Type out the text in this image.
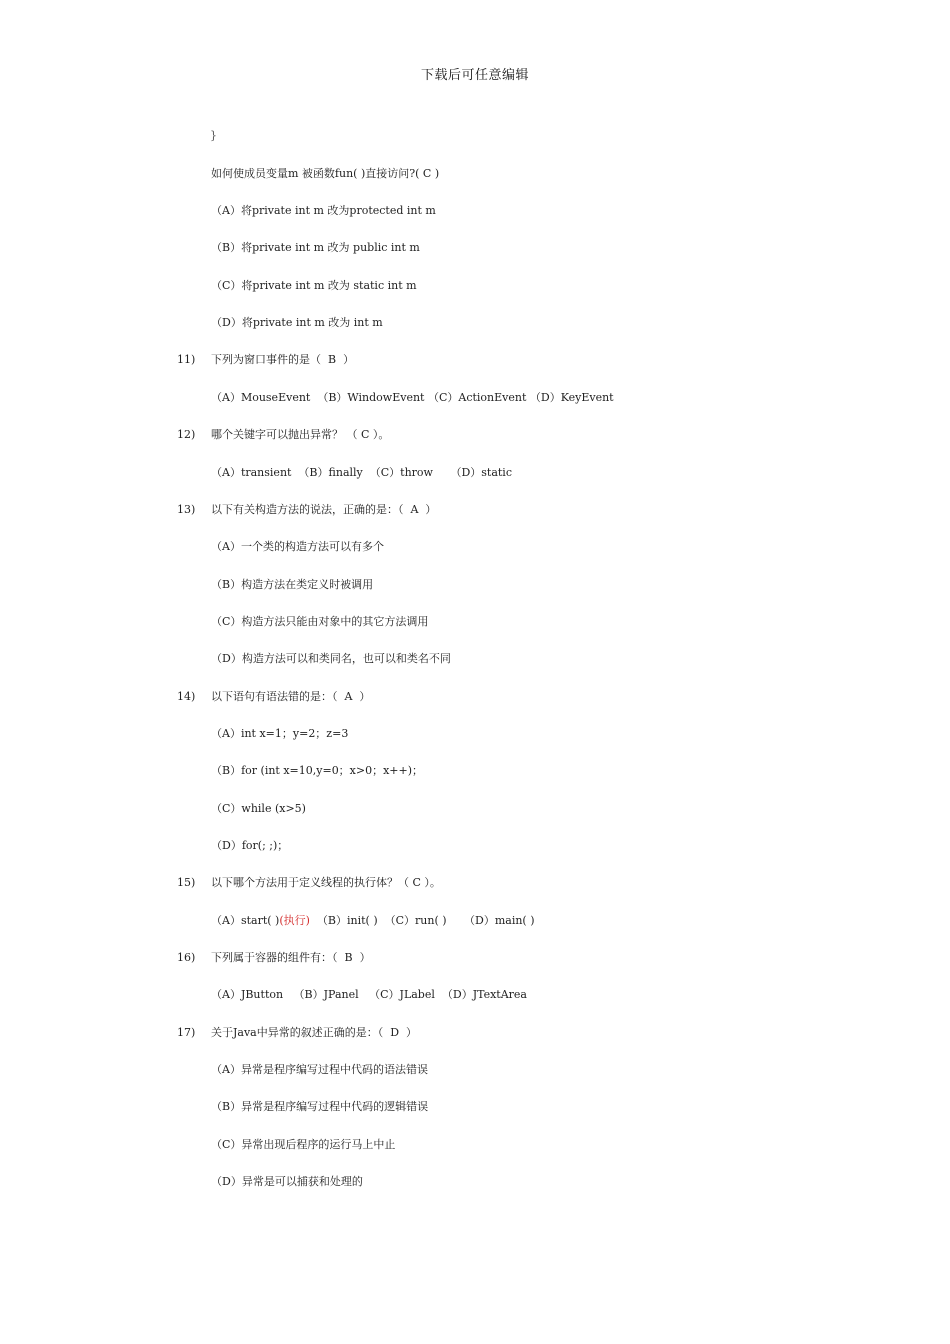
下载后可任意编辑
}
如何使成员变量m 被函数fun( )直接访问?( C )
（A）将private int m 改为protected int m
（B）将private int m 改为 public int m
（C）将private int m 改为 static int m
（D）将private int m 改为 int m
11) 下列为窗口事件的是（  B  ）
（A）MouseEvent  （B）WindowEvent （C）ActionEvent （D）KeyEvent
12) 哪个关键字可以抛出异常？ （ C ）。
（A）transient  （B）finally  （C）throw     （D）static
13) 以下有关构造方法的说法，正确的是：（  A  ）
（A）一个类的构造方法可以有多个
（B）构造方法在类定义时被调用
（C）构造方法只能由对象中的其它方法调用
（D）构造方法可以和类同名，也可以和类名不同
14) 以下语句有语法错的是：（  A  ）
（A）int x=1；y=2；z=3
（B）for (int x=10,y=0；x>0；x++)；
（C）while (x>5)
（D）for(; ;)；
15) 以下哪个方法用于定义线程的执行体？（ C ）。
（A）start( )(执行)  （B）init( )  （C）run( )     （D）main( )
16) 下列属于容器的组件有：（  B  ）
（A）JButton   （B）JPanel   （C）JLabel  （D）JTextArea
17) 关于Java中异常的叙述正确的是：（  D  ）
（A）异常是程序编写过程中代码的语法错误
（B）异常是程序编写过程中代码的逻辑错误
（C）异常出现后程序的运行马上中止
（D）异常是可以捕获和处理的
